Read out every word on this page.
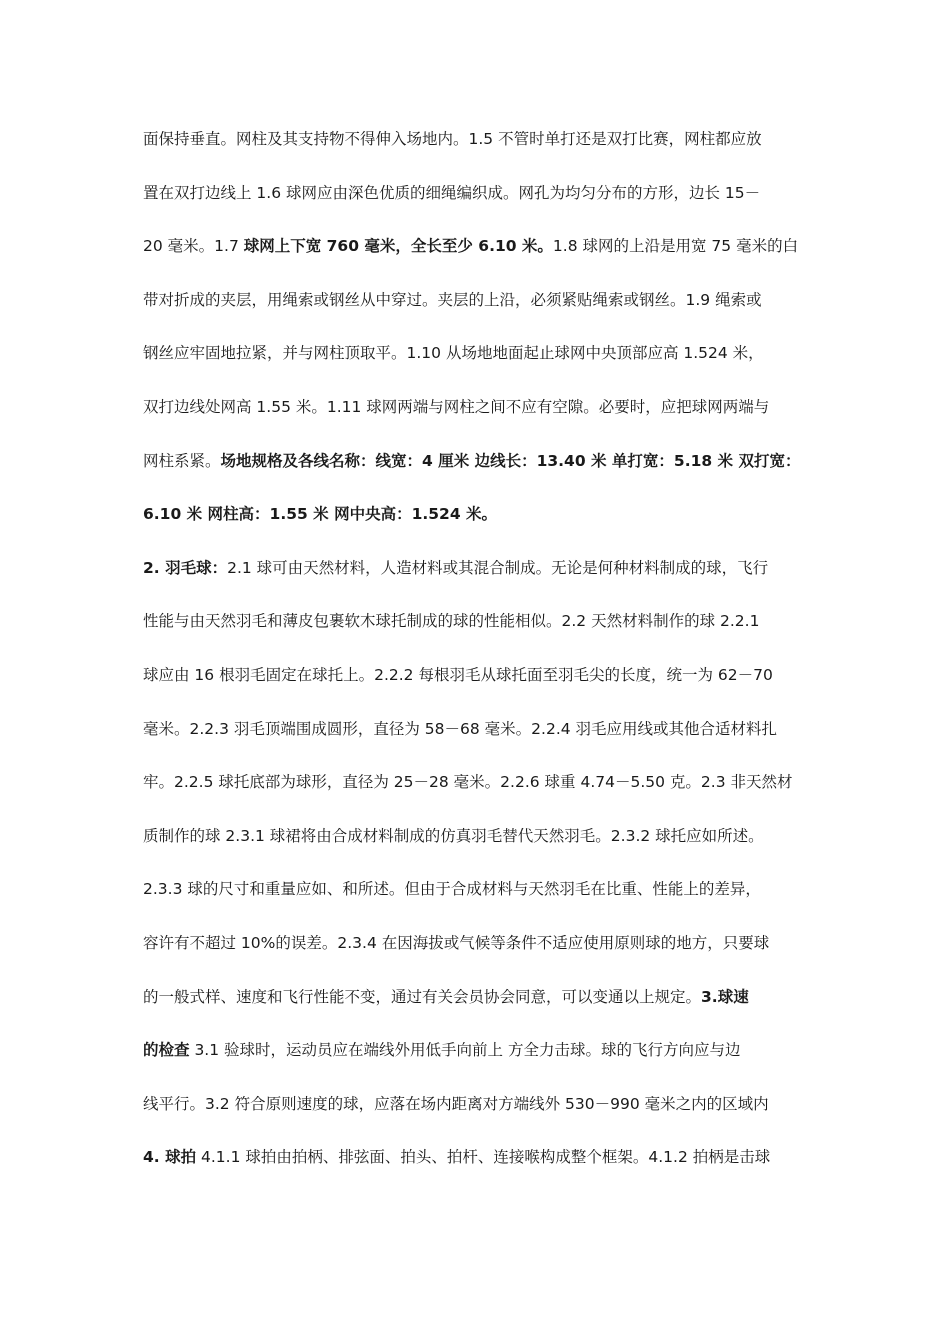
面保持垂直。网柱及其支持物不得伸入场地内。1.5 不管时单打还是双打比赛，网柱都应放
置在双打边线上 1.6 球网应由深色优质的细绳编织成。网孔为均匀分布的方形，边长 15－
20 毫米。1.7 球网上下宽 760 毫米，全长至少 6.10 米。1.8 球网的上沿是用宽 75 毫米的白
带对折成的夹层，用绳索或钢丝从中穿过。夹层的上沿，必须紧贴绳索或钢丝。1.9 绳索或
钢丝应牢固地拉紧，并与网柱顶取平。1.10 从场地地面起止球网中央顶部应高 1.524 米，
双打边线处网高 1.55 米。1.11 球网两端与网柱之间不应有空隙。必要时，应把球网两端与
网柱系紧。场地规格及各线名称：线宽：4 厘米 边线长：13.40 米 单打宽：5.18 米 双打宽：
6.10 米 网柱高：1.55 米 网中央高：1.524 米。
2. 羽毛球：2.1 球可由天然材料，人造材料或其混合制成。无论是何种材料制成的球，飞行
性能与由天然羽毛和薄皮包裹软木球托制成的球的性能相似。2.2 天然材料制作的球 2.2.1
球应由 16 根羽毛固定在球托上。2.2.2 每根羽毛从球托面至羽毛尖的长度，统一为 62－70
毫米。2.2.3 羽毛顶端围成圆形，直径为 58－68 毫米。2.2.4 羽毛应用线或其他合适材料扎
牢。2.2.5 球托底部为球形，直径为 25－28 毫米。2.2.6 球重 4.74－5.50 克。2.3 非天然材
质制作的球 2.3.1 球裙将由合成材料制成的仿真羽毛替代天然羽毛。2.3.2 球托应如所述。
2.3.3 球的尺寸和重量应如、和所述。但由于合成材料与天然羽毛在比重、性能上的差异，
容许有不超过 10%的误差。2.3.4 在因海拔或气候等条件不适应使用原则球的地方，只要球
的一般式样、速度和飞行性能不变，通过有关会员协会同意，可以变通以上规定。3.球速
的检查 3.1 验球时，运动员应在端线外用低手向前上 方全力击球。球的飞行方向应与边
线平行。3.2 符合原则速度的球，应落在场内距离对方端线外 530－990 毫米之内的区域内
4. 球拍 4.1.1 球拍由拍柄、排弦面、拍头、拍杆、连接喉构成整个框架。4.1.2 拍柄是击球
